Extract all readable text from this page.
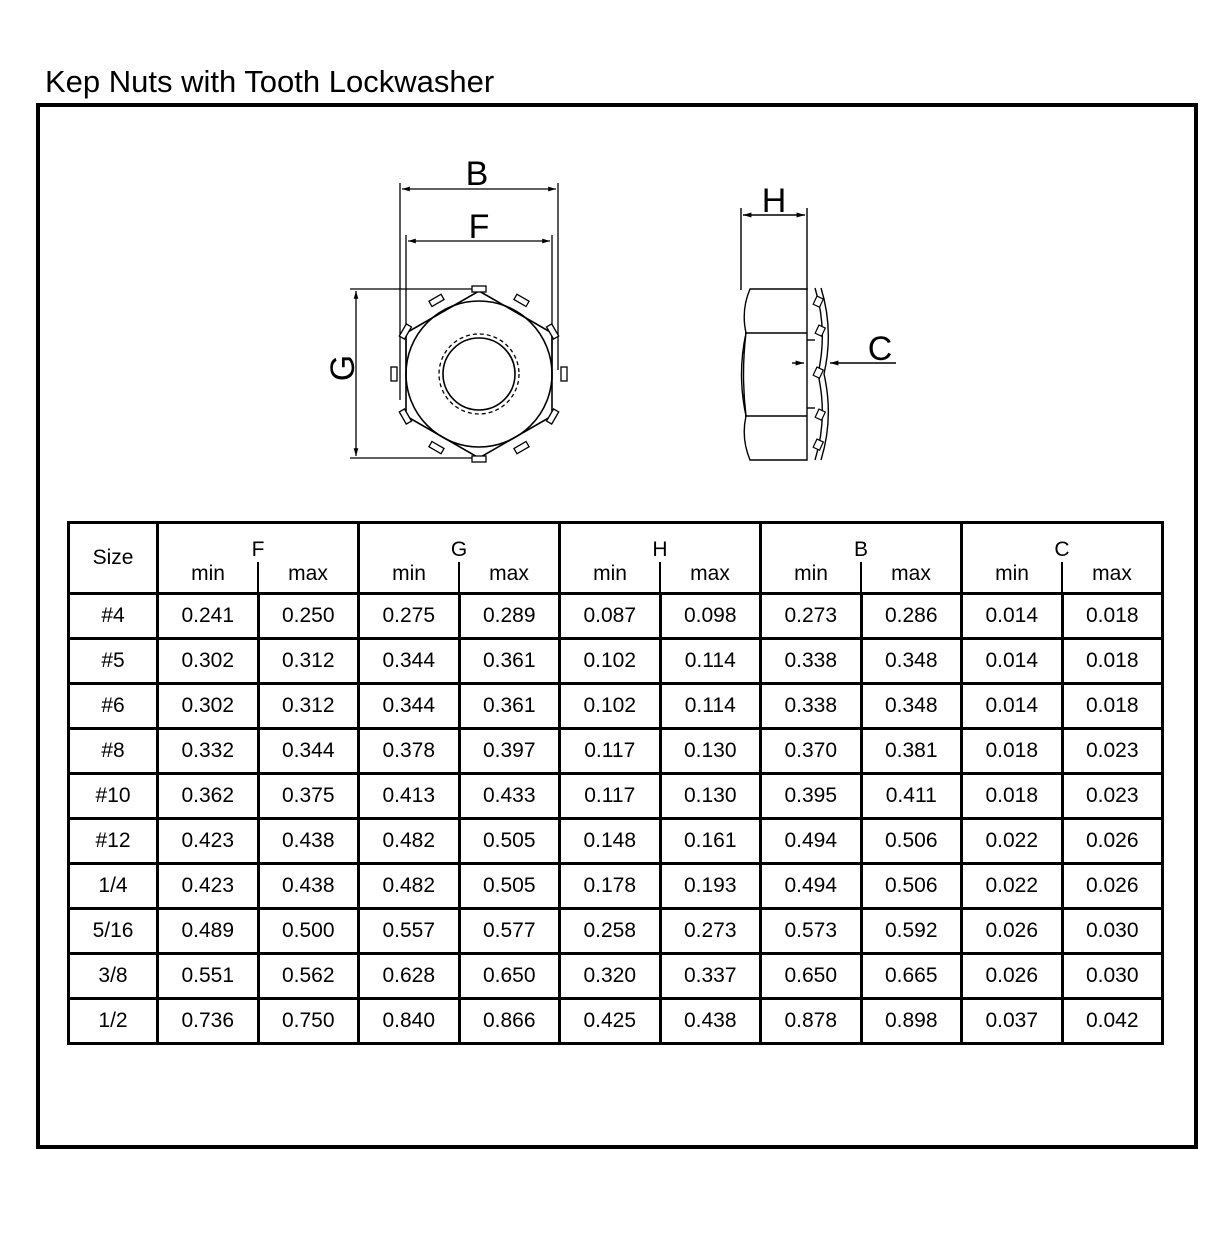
Kep Nuts with Tooth Lockwasher
B
F
G
H
C
Size	F		G		H		B		C	
	min	max	min	max	min	max	min	max	min	max
#4	0.241	0.250	0.275	0.289	0.087	0.098	0.273	0.286	0.014	0.018
#5	0.302	0.312	0.344	0.361	0.102	0.114	0.338	0.348	0.014	0.018
#6	0.302	0.312	0.344	0.361	0.102	0.114	0.338	0.348	0.014	0.018
#8	0.332	0.344	0.378	0.397	0.117	0.130	0.370	0.381	0.018	0.023
#10	0.362	0.375	0.413	0.433	0.117	0.130	0.395	0.411	0.018	0.023
#12	0.423	0.438	0.482	0.505	0.148	0.161	0.494	0.506	0.022	0.026
1/4	0.423	0.438	0.482	0.505	0.178	0.193	0.494	0.506	0.022	0.026
5/16	0.489	0.500	0.557	0.577	0.258	0.273	0.573	0.592	0.026	0.030
3/8	0.551	0.562	0.628	0.650	0.320	0.337	0.650	0.665	0.026	0.030
1/2	0.736	0.750	0.840	0.866	0.425	0.438	0.878	0.898	0.037	0.042
